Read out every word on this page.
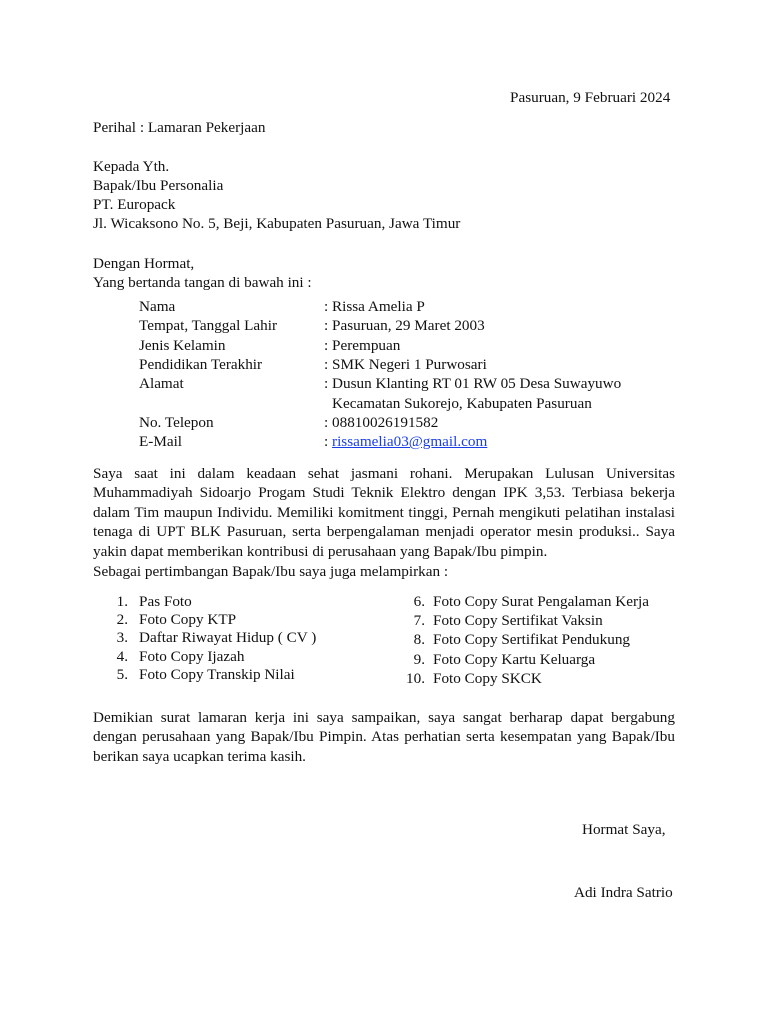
Pasuruan, 9 Februari 2024
Perihal : Lamaran Pekerjaan
Kepada Yth.
Bapak/Ibu Personalia
PT. Europack
Jl. Wicaksono No. 5, Beji, Kabupaten Pasuruan, Jawa Timur
Dengan Hormat,
Yang bertanda tangan di bawah ini :
Nama	: Rissa Amelia P
Tempat, Tanggal Lahir	: Pasuruan, 29 Maret 2003
Jenis Kelamin	: Perempuan
Pendidikan Terakhir	: SMK Negeri 1 Purwosari
Alamat	: Dusun Klanting RT 01 RW 05 Desa Suwayuwo
Kecamatan Sukorejo, Kabupaten Pasuruan
No. Telepon	: 08810026191582
E-Mail	: rissamelia03@gmail.com
Saya saat ini dalam keadaan sehat jasmani rohani. Merupakan Lulusan Universitas Muhammadiyah Sidoarjo Progam Studi Teknik Elektro dengan IPK 3,53. Terbiasa bekerja dalam Tim maupun Individu. Memiliki komitment tinggi, Pernah mengikuti pelatihan instalasi tenaga di UPT BLK Pasuruan, serta berpengalaman menjadi operator mesin produksi.. Saya yakin dapat memberikan kontribusi di perusahaan yang Bapak/Ibu pimpin.
Sebagai pertimbangan Bapak/Ibu saya juga melampirkan :
1. Pas Foto
2. Foto Copy KTP
3. Daftar Riwayat Hidup ( CV )
4. Foto Copy Ijazah
5. Foto Copy Transkip Nilai
6. Foto Copy Surat Pengalaman Kerja
7. Foto Copy Sertifikat Vaksin
8. Foto Copy Sertifikat Pendukung
9. Foto Copy Kartu Keluarga
10. Foto Copy SKCK
Demikian surat lamaran kerja ini saya sampaikan, saya sangat berharap dapat bergabung dengan perusahaan yang Bapak/Ibu Pimpin. Atas perhatian serta kesempatan yang Bapak/Ibu berikan saya ucapkan terima kasih.
Hormat Saya,
Adi Indra Satrio
